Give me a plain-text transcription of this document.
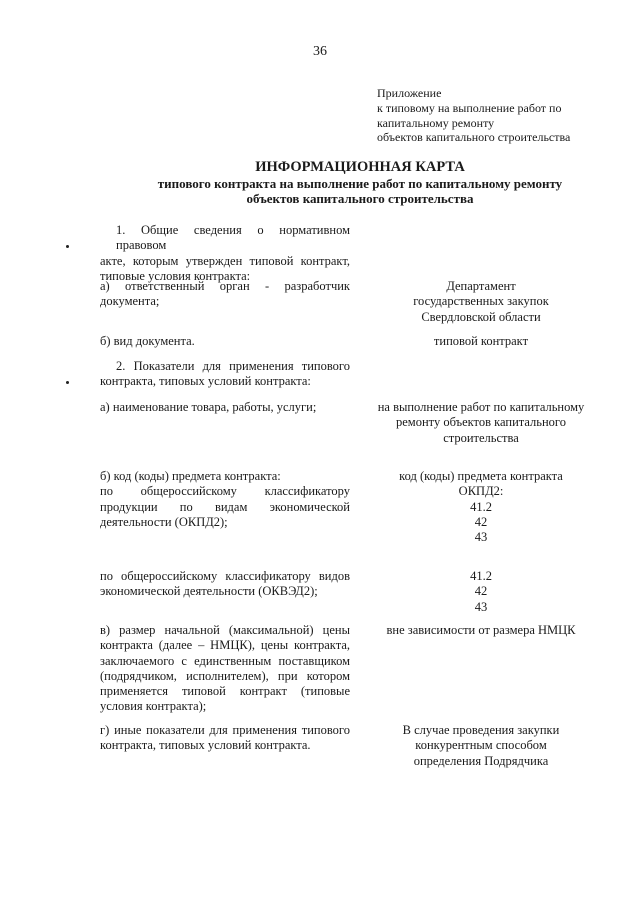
36
Приложение
к типовому на выполнение работ по
капитальному ремонту
объектов капитального строительства
ИНФОРМАЦИОННАЯ КАРТА
типового контракта на выполнение работ по капитальному ремонту
объектов капитального строительства
1. Общие сведения о нормативном правовом
акте, которым утвержден типовой контракт,
типовые условия контракта:
а) ответственный орган - разработчик
документа;
Департамент
государственных закупок
Свердловской области
б) вид документа.	типовой контракт
2. Показатели для применения типового
контракта, типовых условий контракта:
а) наименование товара, работы, услуги;	на выполнение работ по капитальному
ремонту объектов капитального
строительства
б) код (коды) предмета контракта:
по общероссийскому классификатору
продукции по видам экономической
деятельности (ОКПД2);
код (коды) предмета контракта
ОКПД2:
41.2
42
43
по общероссийскому классификатору видов
экономической деятельности (ОКВЭД2);
41.2
42
43
в) размер начальной (максимальной) цены
контракта (далее – НМЦК), цены контракта,
заключаемого с единственным поставщиком
(подрядчиком, исполнителем), при котором
применяется типовой контракт (типовые
условия контракта);
вне зависимости от размера НМЦК
г) иные показатели для применения типового
контракта, типовых условий контракта.
В случае проведения закупки
конкурентным способом
определения Подрядчика
